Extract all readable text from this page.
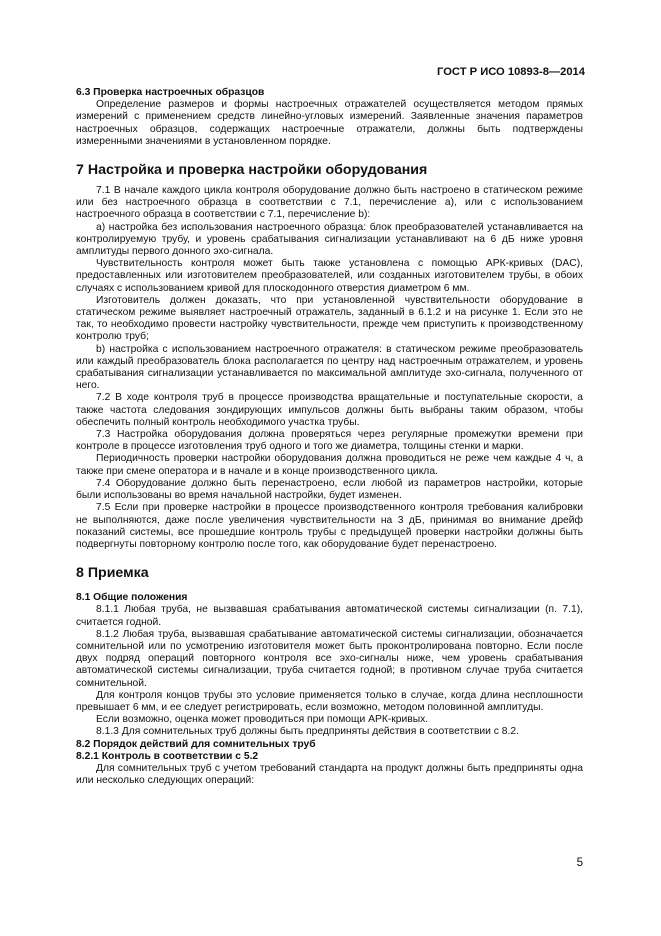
ГОСТ Р ИСО 10893-8—2014

6.3 Проверка настроечных образцов

Определение размеров и формы настроечных отражателей осуществляется методом прямых измерений с применением средств линейно-угловых измерений. Заявленные значения параметров настроечных образцов, содержащих настроечные отражатели, должны быть подтверждены измеренными значениями в установленном порядке.

7 Настройка и проверка настройки оборудования

7.1 В начале каждого цикла контроля оборудование должно быть настроено в статическом режиме или без настроечного образца в соответствии с 7.1, перечисление а), или с использованием настроечного образца в соответствии с 7.1, перечисление b):

a) настройка без использования настроечного образца: блок преобразователей устанавливается на контролируемую трубу, и уровень срабатывания сигнализации устанавливают на 6 дБ ниже уровня амплитуды первого донного эхо-сигнала.

Чувствительность контроля может быть также установлена с помощью АРК-кривых (DAC), предоставленных или изготовителем преобразователей, или созданных изготовителем трубы, в обоих случаях с использованием кривой для плоскодонного отверстия диаметром 6 мм.

Изготовитель должен доказать, что при установленной чувствительности оборудование в статическом режиме выявляет настроечный отражатель, заданный в 6.1.2 и на рисунке 1. Если это не так, то необходимо провести настройку чувствительности, прежде чем приступить к производственному контролю труб;

b) настройка с использованием настроечного отражателя: в статическом режиме преобразователь или каждый преобразователь блока располагается по центру над настроечным отражателем, и уровень срабатывания сигнализации устанавливается по максимальной амплитуде эхо-сигнала, полученного от него.

7.2 В ходе контроля труб в процессе производства вращательные и поступательные скорости, а также частота следования зондирующих импульсов должны быть выбраны таким образом, чтобы обеспечить полный контроль необходимого участка трубы.

7.3 Настройка оборудования должна проверяться через регулярные промежутки времени при контроле в процессе изготовления труб одного и того же диаметра, толщины стенки и марки.

Периодичность проверки настройки оборудования должна проводиться не реже чем каждые 4 ч, а также при смене оператора и в начале и в конце производственного цикла.

7.4 Оборудование должно быть перенастроено, если любой из параметров настройки, которые были использованы во время начальной настройки, будет изменен.

7.5 Если при проверке настройки в процессе производственного контроля требования калибровки не выполняются, даже после увеличения чувствительности на 3 дБ, принимая во внимание дрейф показаний системы, все прошедшие контроль трубы с предыдущей проверки настройки должны быть подвергнуты повторному контролю после того, как оборудование будет перенастроено.

8 Приемка

8.1 Общие положения

8.1.1 Любая труба, не вызвавшая срабатывания автоматической системы сигнализации (п. 7.1), считается годной.

8.1.2 Любая труба, вызвавшая срабатывание автоматической системы сигнализации, обозначается сомнительной или по усмотрению изготовителя может быть проконтролирована повторно. Если после двух подряд операций повторного контроля все эхо-сигналы ниже, чем уровень срабатывания автоматической системы сигнализации, труба считается годной; в противном случае труба считается сомнительной.

Для контроля концов трубы это условие применяется только в случае, когда длина несплошности превышает 6 мм, и ее следует регистрировать, если возможно, методом половинной амплитуды.

Если возможно, оценка может проводиться при помощи АРК-кривых.

8.1.3 Для сомнительных труб должны быть предприняты действия в соответствии с 8.2.

8.2 Порядок действий для сомнительных труб

8.2.1 Контроль в соответствии с 5.2

Для сомнительных труб с учетом требований стандарта на продукт должны быть предприняты одна или несколько следующих операций:

5
